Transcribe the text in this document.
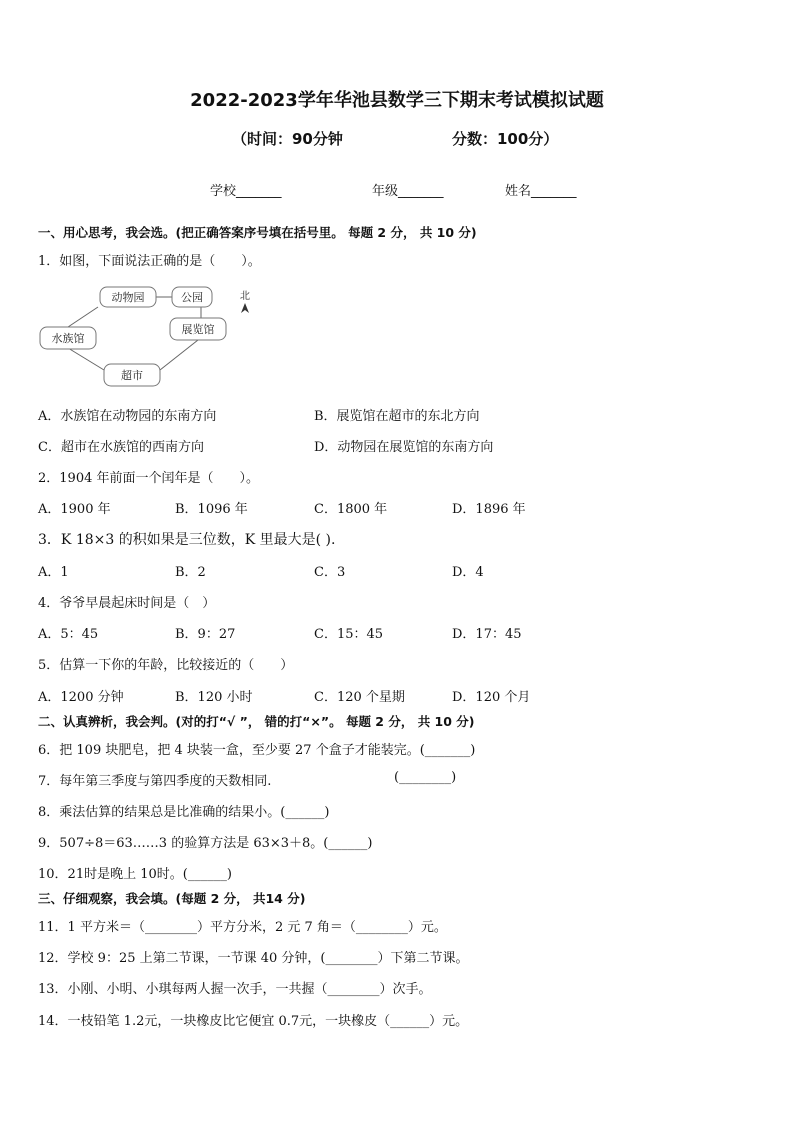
2022-2023学年华池县数学三下期末考试模拟试题
（时间：90分钟	分数：100分）
学校_______	年级_______	姓名_______
一、用心思考，我会选。(把正确答案序号填在括号里。 每题 2 分， 共 10 分)
1．如图，下面说法正确的是（　　）。
动物园	公园
水族馆
展览馆
超市
北
A．水族馆在动物园的东南方向	B．展览馆在超市的东北方向
C．超市在水族馆的西南方向	D．动物园在展览馆的东南方向
2．1904 年前面一个闰年是（　　）。
A．1900 年	B．1096 年	C．1800 年	D．1896 年
3．K 18×3 的积如果是三位数，K 里最大是( ).
A．1	B．2	C．3	D．4
4．爷爷早晨起床时间是（　）
A．5：45	B．9：27	C．15：45	D．17：45
5．估算一下你的年龄，比较接近的（　　）
A．1200 分钟	B．120 小时	C．120 个星期	D．120 个月
二、认真辨析，我会判。(对的打“√ ”， 错的打“×”。 每题 2 分， 共 10 分)
6．把 109 块肥皂，把 4 块装一盒，至少要 27 个盒子才能装完。(_______)
7．每年第三季度与第四季度的天数相同.	(________)
8．乘法估算的结果总是比准确的结果小。(______)
9．507÷8＝63……3 的验算方法是 63×3＋8。(______)
10．21时是晚上 10时。(______)
三、仔细观察，我会填。(每题 2 分， 共14 分)
11．1 平方米＝（________）平方分米，2 元 7 角＝（________）元。
12．学校 9：25 上第二节课，一节课 40 分钟，(________）下第二节课。
13．小刚、小明、小琪每两人握一次手，一共握（________）次手。
14．一枝铅笔 1.2元，一块橡皮比它便宜 0.7元，一块橡皮（______）元。
